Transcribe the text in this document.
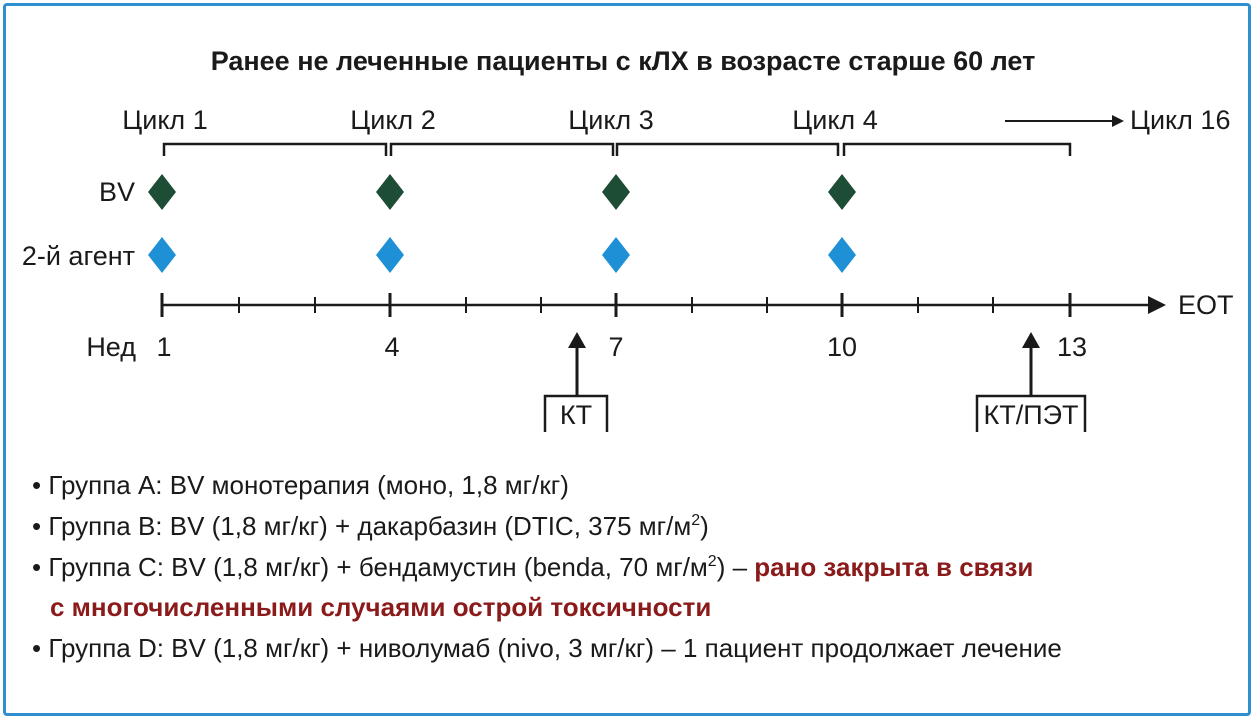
Ранее не леченные пациенты с кЛХ в возрасте старше 60 лет
Цикл 1	Цикл 2	Цикл 3	Цикл 4	Цикл 16
BV
2-й агент
EOT
Нед 1	4	7	10	13
КТ	КТ/ПЭТ
• Группа А: BV монотерапия (моно, 1,8 мг/кг)
• Группа B: BV (1,8 мг/кг) + дакарбазин (DTIC, 375 $мг/м^2$)
• Группа C: BV (1,8 мг/кг) + бендамустин (benda, 70 $мг/м^2$) – рано закрыта в связи
с многочисленными случаями острой токсичности
• Группа D: BV (1,8 мг/кг) + ниволумаб (nivo, 3 мг/кг) – 1 пациент продолжает лечение
